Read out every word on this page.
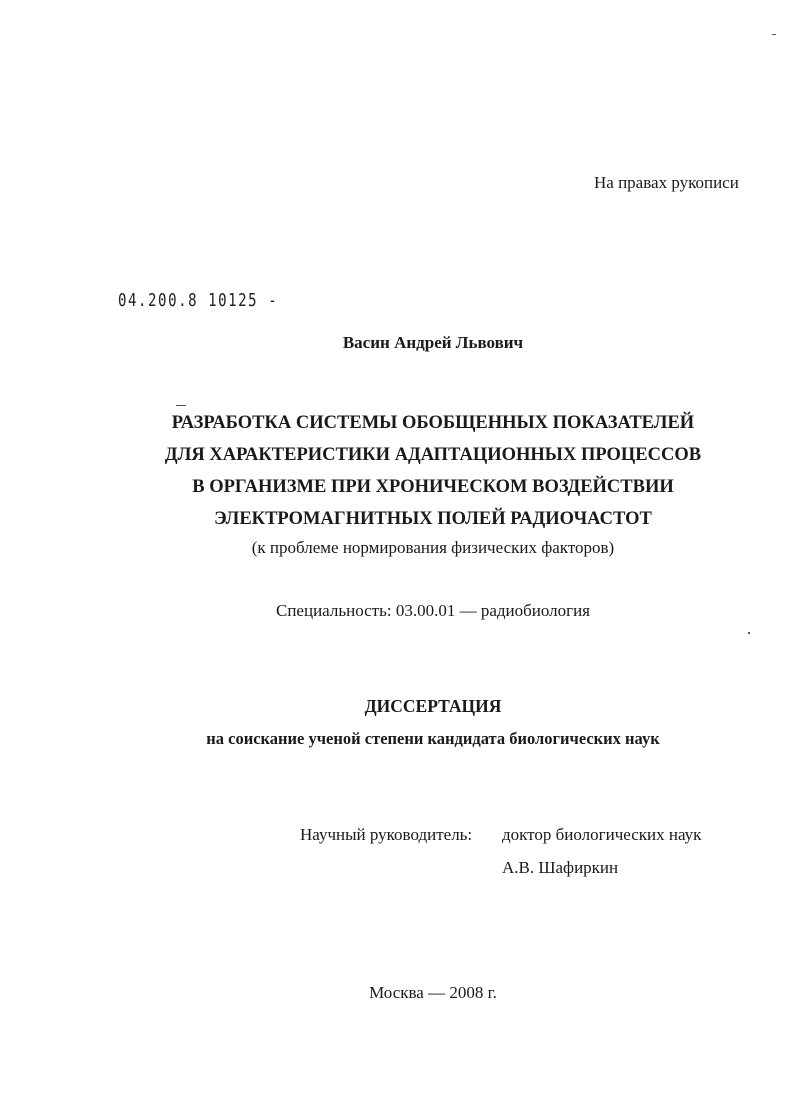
На правах рукописи
04.200.8 10125 -
Васин Андрей Львович
РАЗРАБОТКА СИСТЕМЫ ОБОБЩЕННЫХ ПОКАЗАТЕЛЕЙ
ДЛЯ ХАРАКТЕРИСТИКИ АДАПТАЦИОННЫХ ПРОЦЕССОВ
В ОРГАНИЗМЕ ПРИ ХРОНИЧЕСКОМ ВОЗДЕЙСТВИИ
ЭЛЕКТРОМАГНИТНЫХ ПОЛЕЙ РАДИОЧАСТОТ
(к проблеме нормирования физических факторов)
Специальность: 03.00.01 — радиобиология
ДИССЕРТАЦИЯ
на соискание ученой степени кандидата биологических наук
Научный руководитель: доктор биологических наук
А.В. Шафиркин
Москва — 2008 г.
